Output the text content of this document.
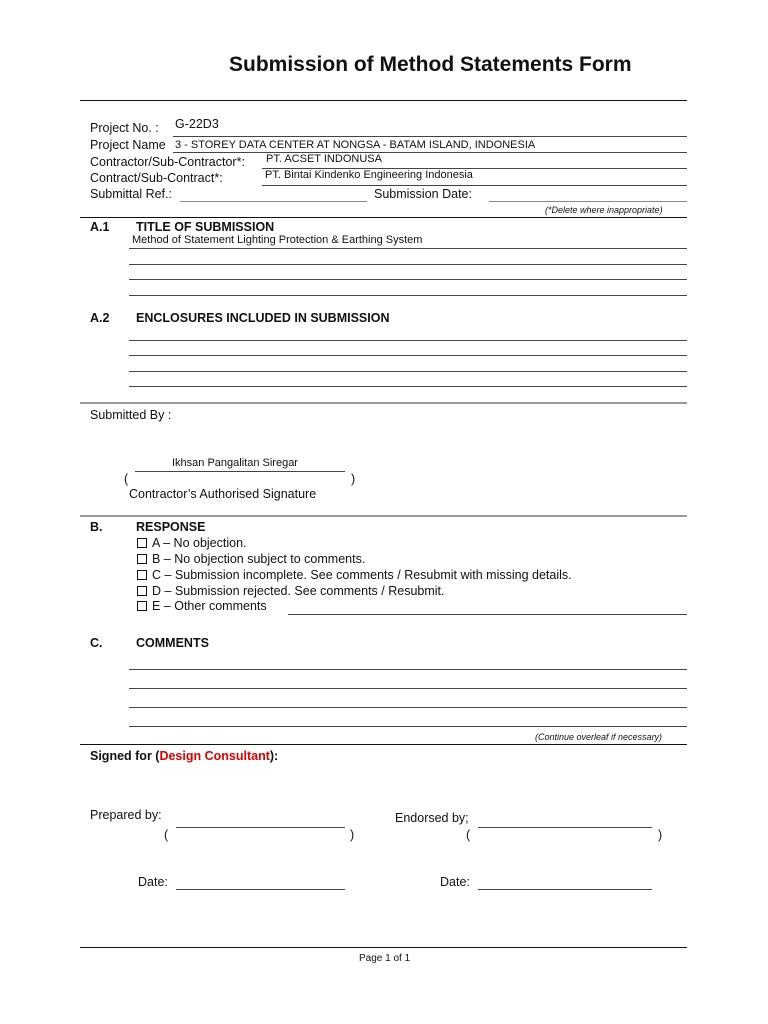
Submission of Method Statements Form
Project No. : G-22D3
Project Name 3 - STOREY DATA CENTER AT NONGSA - BATAM ISLAND, INDONESIA
Contractor/Sub-Contractor*: PT. ACSET INDONUSA
Contract/Sub-Contract*:	PT. Bintai Kindenko Engineering Indonesia
Submittal Ref.:	Submission Date:
(*Delete where inappropriate)
A.1 TITLE OF SUBMISSION
Method of Statement Lighting Protection & Earthing System
A.2 ENCLOSURES INCLUDED IN SUBMISSION
Submitted By :
Ikhsan Pangalitan Siregar
(	)
Contractor’s Authorised Signature
B.	RESPONSE
A – No objection.
B – No objection subject to comments.
C – Submission incomplete. See comments / Resubmit with missing details.
D – Submission rejected. See comments / Resubmit.
E – Other comments
C.	COMMENTS
(Continue overleaf if necessary)
Signed for (Design Consultant):
Prepared by:
(	)
Endorsed by;
(	)
Date:	Date:
Page 1 of 1
